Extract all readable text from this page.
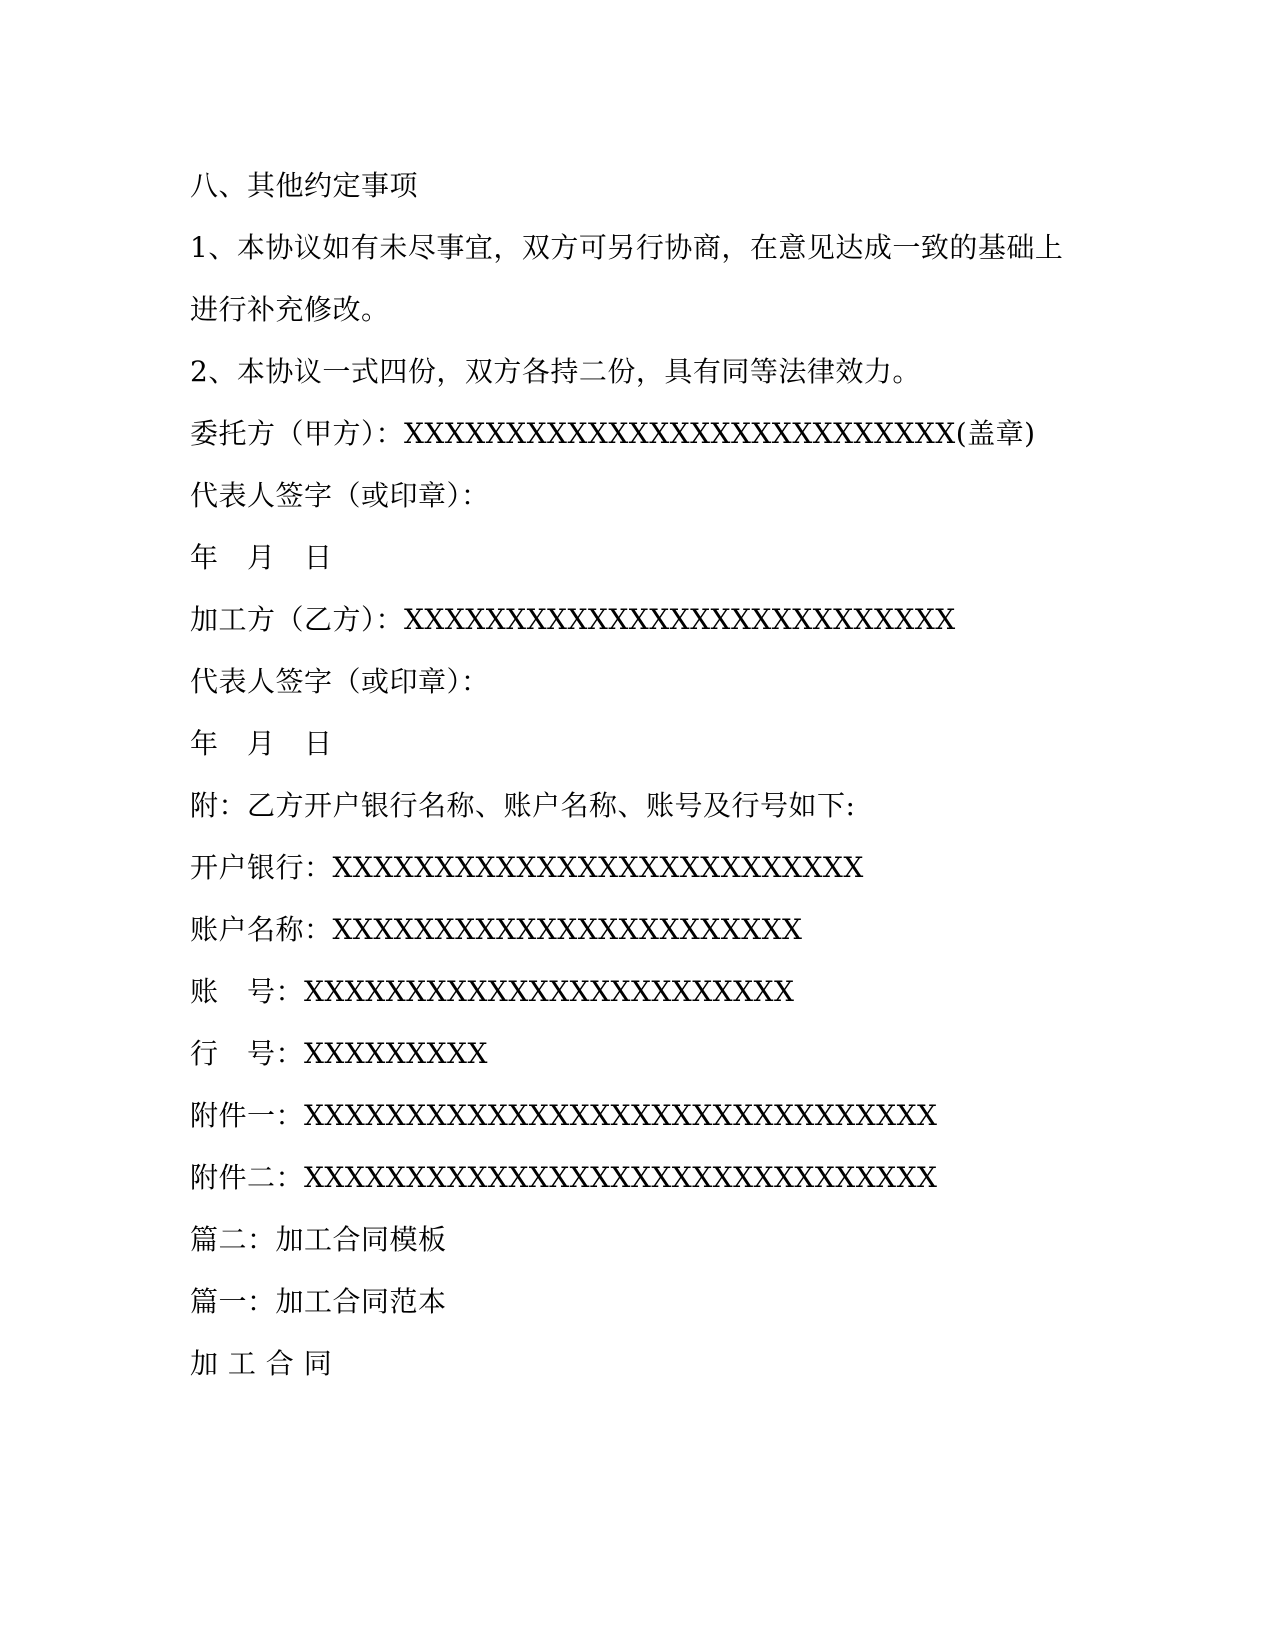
八、其他约定事项
1、本协议如有未尽事宜，双方可另行协商，在意见达成一致的基础上
进行补充修改。
2、本协议一式四份，双方各持二份，具有同等法律效力。
委托方（甲方）：XXXXXXXXXXXXXXXXXXXXXXXXXXX(盖章)
代表人签字（或印章）：
年　月　日
加工方（乙方）：XXXXXXXXXXXXXXXXXXXXXXXXXXX
代表人签字（或印章）：
年　月　日
附：乙方开户银行名称、账户名称、账号及行号如下:
开户银行：XXXXXXXXXXXXXXXXXXXXXXXXXX
账户名称：XXXXXXXXXXXXXXXXXXXXXXX
账　号：XXXXXXXXXXXXXXXXXXXXXXXX
行　号：XXXXXXXXX
附件一：XXXXXXXXXXXXXXXXXXXXXXXXXXXXXXX
附件二：XXXXXXXXXXXXXXXXXXXXXXXXXXXXXXX
篇二：加工合同模板
篇一：加工合同范本
加 工 合 同
